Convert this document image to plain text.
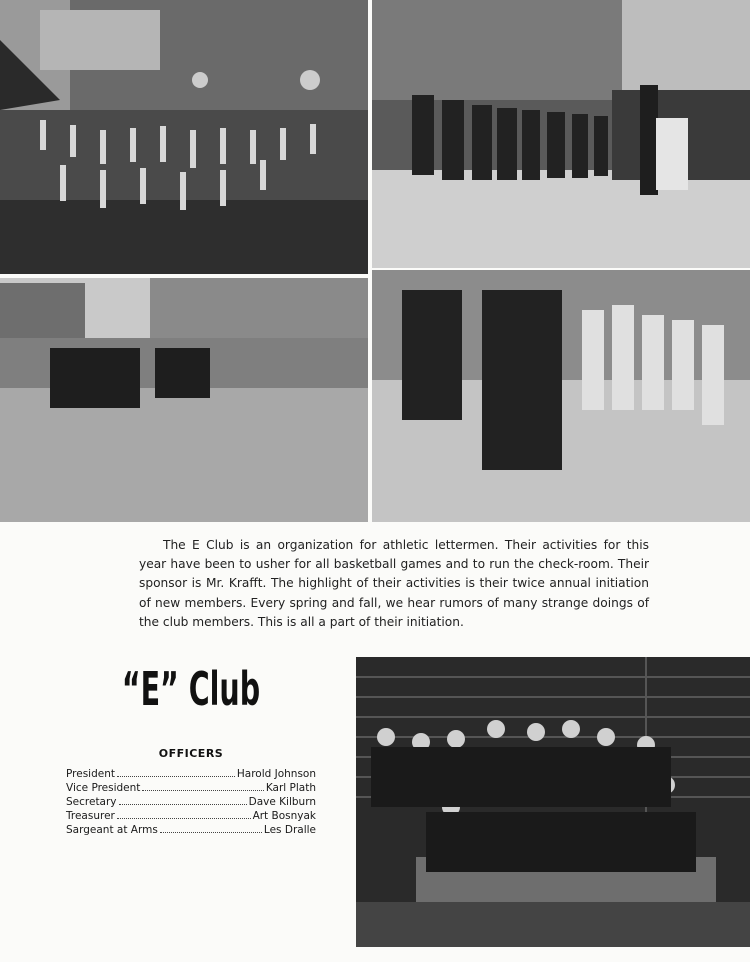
The E Club is an organization for athletic lettermen. Their activities for this year have been to usher for all basketball games and to run the check-room. Their sponsor is Mr. Krafft. The highlight of their activities is their twice annual initiation of new members. Every spring and fall, we hear rumors of many strange doings of the club members. This is all a part of their initiation.

“E” Club
OFFICERS
President	Harold Johnson
Vice President	Karl Plath
Secretary	Dave Kilburn
Treasurer	Art Bosnyak
Sargeant at Arms	Les Dralle
